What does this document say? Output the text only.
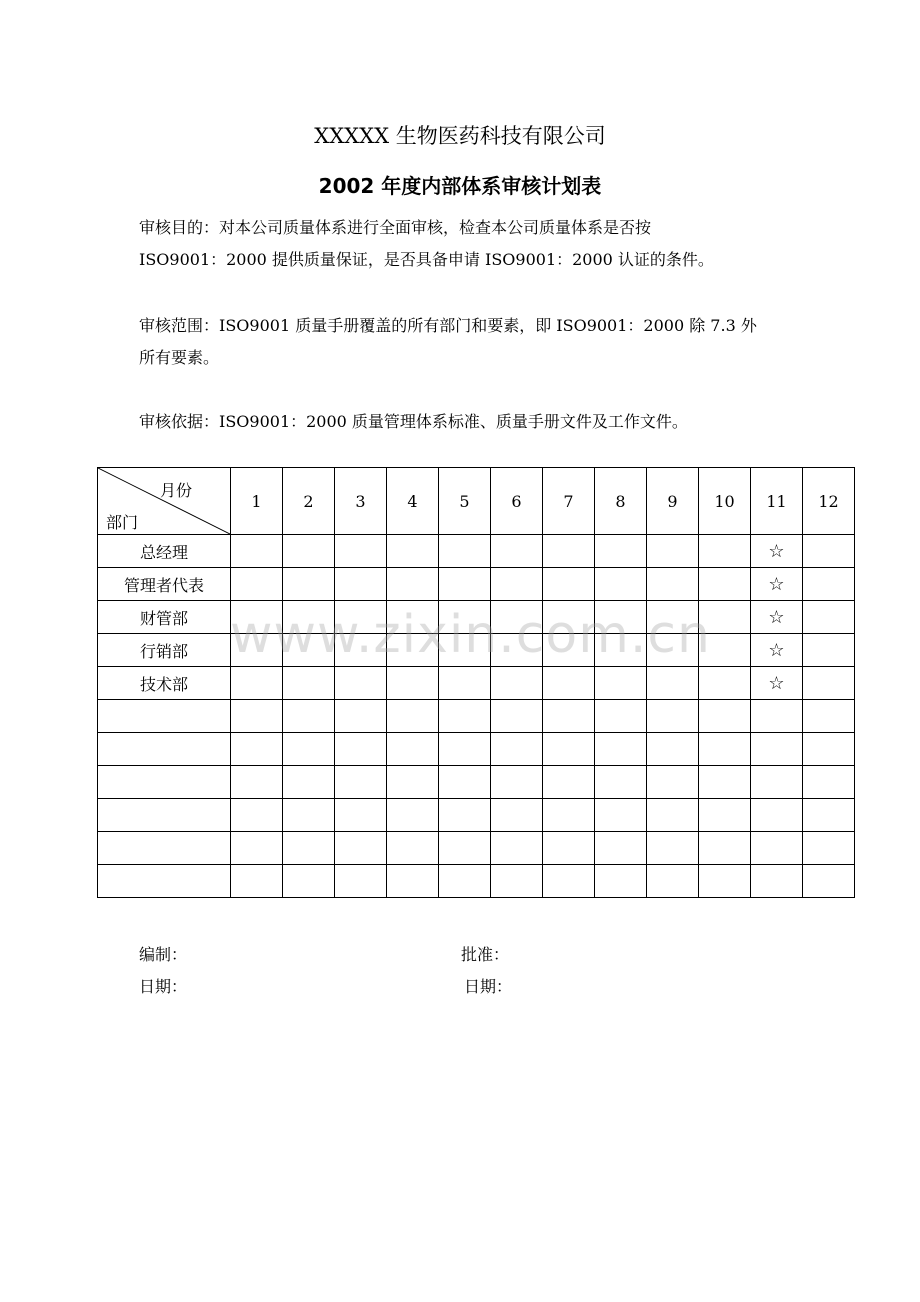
XXXXX 生物医药科技有限公司
2002 年度内部体系审核计划表
审核目的：对本公司质量体系进行全面审核，检查本公司质量体系是否按
ISO9001：2000 提供质量保证，是否具备申请 ISO9001：2000 认证的条件。
审核范围：ISO9001 质量手册覆盖的所有部门和要素，即 ISO9001：2000 除 7.3 外
所有要素。
审核依据：ISO9001：2000 质量管理体系标准、质量手册文件及工作文件。
月份
部门	1	2	3	4	5	6	7	8	9	10	11	12
总经理											☆	
管理者代表											☆	
财管部											☆	
行销部											☆	
技术部											☆	

编制：	批准：
日期：	日期：
www.zixin.com.cn
